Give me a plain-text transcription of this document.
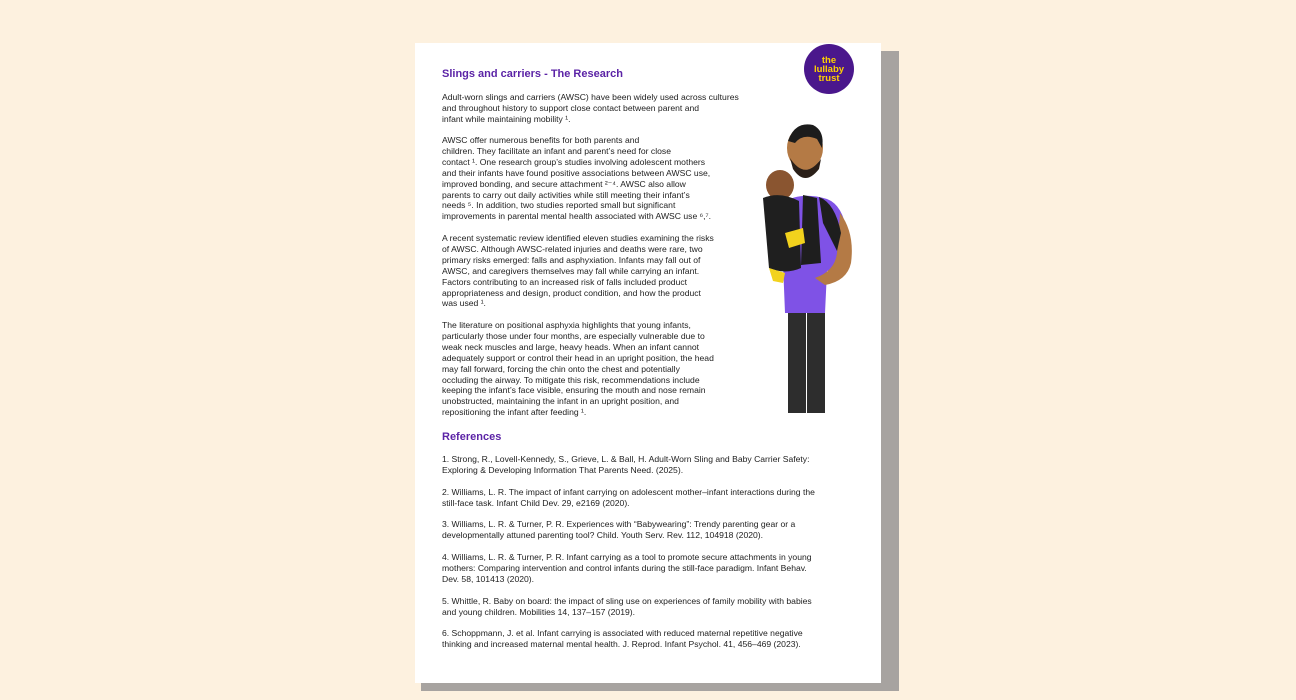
the
lullaby
trust
Slings and carriers - The Research
Adult-worn slings and carriers (AWSC) have been widely used across cultures
and throughout history to support close contact between parent and
infant while maintaining mobility ¹.
AWSC offer numerous benefits for both parents and
children. They facilitate an infant and parent’s need for close
contact ¹. One research group’s studies involving adolescent mothers
and their infants have found positive associations between AWSC use,
improved bonding, and secure attachment ²⁻⁴. AWSC also allow
parents to carry out daily activities while still meeting their infant’s
needs ⁵. In addition, two studies reported small but significant
improvements in parental mental health associated with AWSC use ⁶,⁷.
A recent systematic review identified eleven studies examining the risks
of AWSC. Although AWSC-related injuries and deaths were rare, two
primary risks emerged: falls and asphyxiation. Infants may fall out of
AWSC, and caregivers themselves may fall while carrying an infant.
Factors contributing to an increased risk of falls included product
appropriateness and design, product condition, and how the product
was used ¹.
The literature on positional asphyxia highlights that young infants,
particularly those under four months, are especially vulnerable due to
weak neck muscles and large, heavy heads. When an infant cannot
adequately support or control their head in an upright position, the head
may fall forward, forcing the chin onto the chest and potentially
occluding the airway. To mitigate this risk, recommendations include
keeping the infant’s face visible, ensuring the mouth and nose remain
unobstructed, maintaining the infant in an upright position, and
repositioning the infant after feeding ¹.
References
1. Strong, R., Lovell-Kennedy, S., Grieve, L. & Ball, H. Adult-Worn Sling and Baby Carrier Safety:
Exploring & Developing Information That Parents Need. (2025).
2. Williams, L. R. The impact of infant carrying on adolescent mother–infant interactions during the
still-face task. Infant Child Dev. 29, e2169 (2020).
3. Williams, L. R. & Turner, P. R. Experiences with “Babywearing”: Trendy parenting gear or a
developmentally attuned parenting tool? Child. Youth Serv. Rev. 112, 104918 (2020).
4. Williams, L. R. & Turner, P. R. Infant carrying as a tool to promote secure attachments in young
mothers: Comparing intervention and control infants during the still-face paradigm. Infant Behav.
Dev. 58, 101413 (2020).
5. Whittle, R. Baby on board: the impact of sling use on experiences of family mobility with babies
and young children. Mobilities 14, 137–157 (2019).
6. Schoppmann, J. et al. Infant carrying is associated with reduced maternal repetitive negative
thinking and increased maternal mental health. J. Reprod. Infant Psychol. 41, 456–469 (2023).
